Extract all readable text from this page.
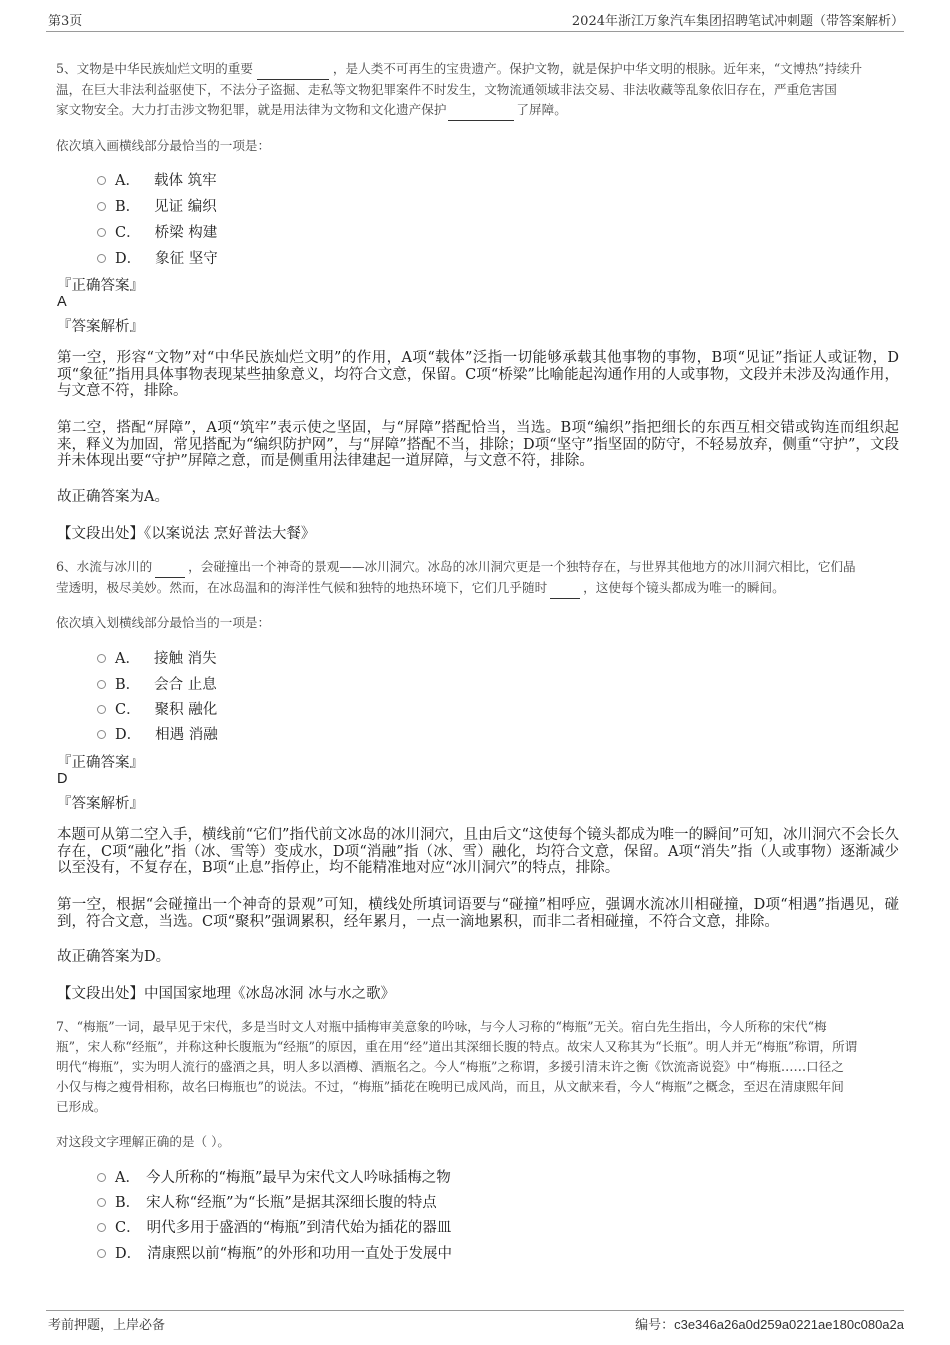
第3页	2024年浙江万象汽车集团招聘笔试冲刺题（带答案解析）
5、文物是中华民族灿烂文明的重要	，是人类不可再生的宝贵遗产。保护文物，就是保护中华文明的根脉。近年来，“文博热”持续升
温，在巨大非法利益驱使下，不法分子盗掘、走私等文物犯罪案件不时发生，文物流通领域非法交易、非法收藏等乱象依旧存在，严重危害国
家文物安全。大力打击涉文物犯罪，就是用法律为文物和文化遗产保护	了屏障。
依次填入画横线部分最恰当的一项是：
A． 载体 筑牢
B． 见证 编织
C． 桥梁 构建
D． 象征 坚守
『正确答案』
A
『答案解析』
第一空，形容“文物”对“中华民族灿烂文明”的作用，A项“载体”泛指一切能够承载其他事物的事物，B项“见证”指证人或证物，D项“象征”指用具体事物表现某些抽象意义，均符合文意，保留。C项“桥梁”比喻能起沟通作用的人或事物，文段并未涉及沟通作用，与文意不符，排除。
第二空，搭配“屏障”，A项“筑牢”表示使之坚固，与“屏障”搭配恰当，当选。B项“编织”指把细长的东西互相交错或钩连而组织起来，释义为加固，常见搭配为“编织防护网”，与“屏障”搭配不当，排除；D项“坚守”指坚固的防守，不轻易放弃，侧重“守护”，文段并未体现出要“守护”屏障之意，而是侧重用法律建起一道屏障，与文意不符，排除。
故正确答案为A。
【文段出处】《以案说法 烹好普法大餐》
6、水流与冰川的	，会碰撞出一个神奇的景观——冰川洞穴。冰岛的冰川洞穴更是一个独特存在，与世界其他地方的冰川洞穴相比，它们晶
莹透明，极尽美妙。然而，在冰岛温和的海洋性气候和独特的地热环境下，它们几乎随时	，这使每个镜头都成为唯一的瞬间。
依次填入划横线部分最恰当的一项是：
A． 接触 消失
B． 会合 止息
C． 聚积 融化
D． 相遇 消融
『正确答案』
D
『答案解析』
本题可从第二空入手，横线前“它们”指代前文冰岛的冰川洞穴，且由后文“这使每个镜头都成为唯一的瞬间”可知，冰川洞穴不会长久存在，C项“融化”指（冰、雪等）变成水，D项“消融”指（冰、雪）融化，均符合文意，保留。A项“消失”指（人或事物）逐渐减少以至没有，不复存在，B项“止息”指停止，均不能精准地对应“冰川洞穴”的特点，排除。
第一空，根据“会碰撞出一个神奇的景观”可知，横线处所填词语要与“碰撞”相呼应，强调水流冰川相碰撞，D项“相遇”指遇见，碰到，符合文意，当选。C项“聚积”强调累积，经年累月，一点一滴地累积，而非二者相碰撞，不符合文意，排除。
故正确答案为D。
【文段出处】中国国家地理《冰岛冰洞 冰与水之歌》
7、“梅瓶”一词，最早见于宋代，多是当时文人对瓶中插梅审美意象的吟咏，与今人习称的“梅瓶”无关。宿白先生指出，今人所称的宋代“梅
瓶”，宋人称“经瓶”，并称这种长腹瓶为“经瓶”的原因，重在用“经”道出其深细长腹的特点。故宋人又称其为“长瓶”。明人并无“梅瓶”称谓，所谓
明代“梅瓶”，实为明人流行的盛酒之具，明人多以酒樽、酒瓶名之。今人“梅瓶”之称谓，多援引清末许之衡《饮流斋说瓷》中“梅瓶……口径之
小仅与梅之瘦骨相称，故名曰梅瓶也”的说法。不过，“梅瓶”插花在晚明已成风尚，而且，从文献来看，今人“梅瓶”之概念，至迟在清康熙年间
已形成。
对这段文字理解正确的是（ ）。
A． 今人所称的“梅瓶”最早为宋代文人吟咏插梅之物
B． 宋人称“经瓶”为“长瓶”是据其深细长腹的特点
C． 明代多用于盛酒的“梅瓶”到清代始为插花的器皿
D． 清康熙以前“梅瓶”的外形和功用一直处于发展中
考前押题，上岸必备	编号：c3e346a26a0d259a0221ae180c080a2a
